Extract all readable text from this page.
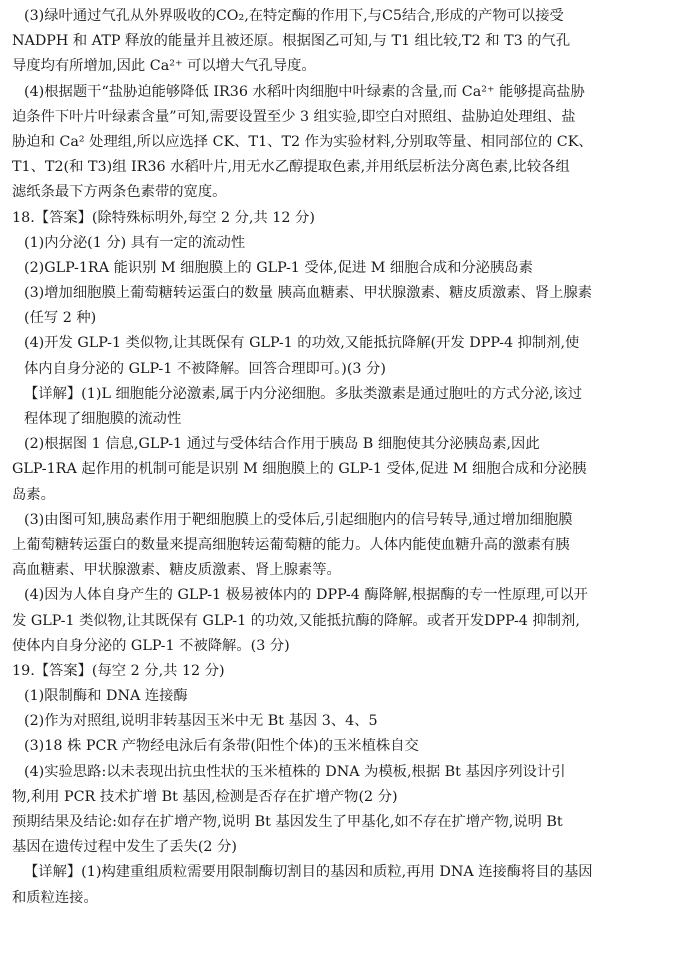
(3)绿叶通过气孔从外界吸收的CO₂,在特定酶的作用下,与C5结合,形成的产物可以接受
NADPH 和 ATP 释放的能量并且被还原。根据图乙可知,与 T1 组比较,T2 和 T3 的气孔
导度均有所增加,因此 Ca²⁺ 可以增大气孔导度。
(4)根据题干“盐胁迫能够降低 IR36 水稻叶肉细胞中叶绿素的含量,而 Ca²⁺ 能够提高盐胁
迫条件下叶片叶绿素含量”可知,需要设置至少 3 组实验,即空白对照组、盐胁迫处理组、盐
胁迫和 Ca² 处理组,所以应选择 CK、T1、T2 作为实验材料,分别取等量、相同部位的 CK、
T1、T2(和 T3)组 IR36 水稻叶片,用无水乙醇提取色素,并用纸层析法分离色素,比较各组
滤纸条最下方两条色素带的宽度。
18.【答案】(除特殊标明外,每空 2 分,共 12 分)
(1)内分泌(1 分) 具有一定的流动性
(2)GLP-1RA 能识别 M 细胞膜上的 GLP-1 受体,促进 M 细胞合成和分泌胰岛素
(3)增加细胞膜上葡萄糖转运蛋白的数量 胰高血糖素、甲状腺激素、糖皮质激素、肾上腺素
(任写 2 种)
(4)开发 GLP-1 类似物,让其既保有 GLP-1 的功效,又能抵抗降解(开发 DPP-4 抑制剂,使
体内自身分泌的 GLP-1 不被降解。回答合理即可。)(3 分)
【详解】(1)L 细胞能分泌激素,属于内分泌细胞。多肽类激素是通过胞吐的方式分泌,该过
程体现了细胞膜的流动性
(2)根据图 1 信息,GLP-1 通过与受体结合作用于胰岛 B 细胞使其分泌胰岛素,因此
GLP-1RA 起作用的机制可能是识别 M 细胞膜上的 GLP-1 受体,促进 M 细胞合成和分泌胰
岛素。
(3)由图可知,胰岛素作用于靶细胞膜上的受体后,引起细胞内的信号转导,通过增加细胞膜
上葡萄糖转运蛋白的数量来提高细胞转运葡萄糖的能力。人体内能使血糖升高的激素有胰
高血糖素、甲状腺激素、糖皮质激素、肾上腺素等。
(4)因为人体自身产生的 GLP-1 极易被体内的 DPP-4 酶降解,根据酶的专一性原理,可以开
发 GLP-1 类似物,让其既保有 GLP-1 的功效,又能抵抗酶的降解。或者开发DPP-4 抑制剂,
使体内自身分泌的 GLP-1 不被降解。(3 分)
19.【答案】(每空 2 分,共 12 分)
(1)限制酶和 DNA 连接酶
(2)作为对照组,说明非转基因玉米中无 Bt 基因 3、4、5
(3)18 株 PCR 产物经电泳后有条带(阳性个体)的玉米植株自交
(4)实验思路:以未表现出抗虫性状的玉米植株的 DNA 为模板,根据 Bt 基因序列设计引
物,利用 PCR 技术扩增 Bt 基因,检测是否存在扩增产物(2 分)
预期结果及结论:如存在扩增产物,说明 Bt 基因发生了甲基化,如不存在扩增产物,说明 Bt
基因在遗传过程中发生了丢失(2 分)
【详解】(1)构建重组质粒需要用限制酶切割目的基因和质粒,再用 DNA 连接酶将目的基因
和质粒连接。
